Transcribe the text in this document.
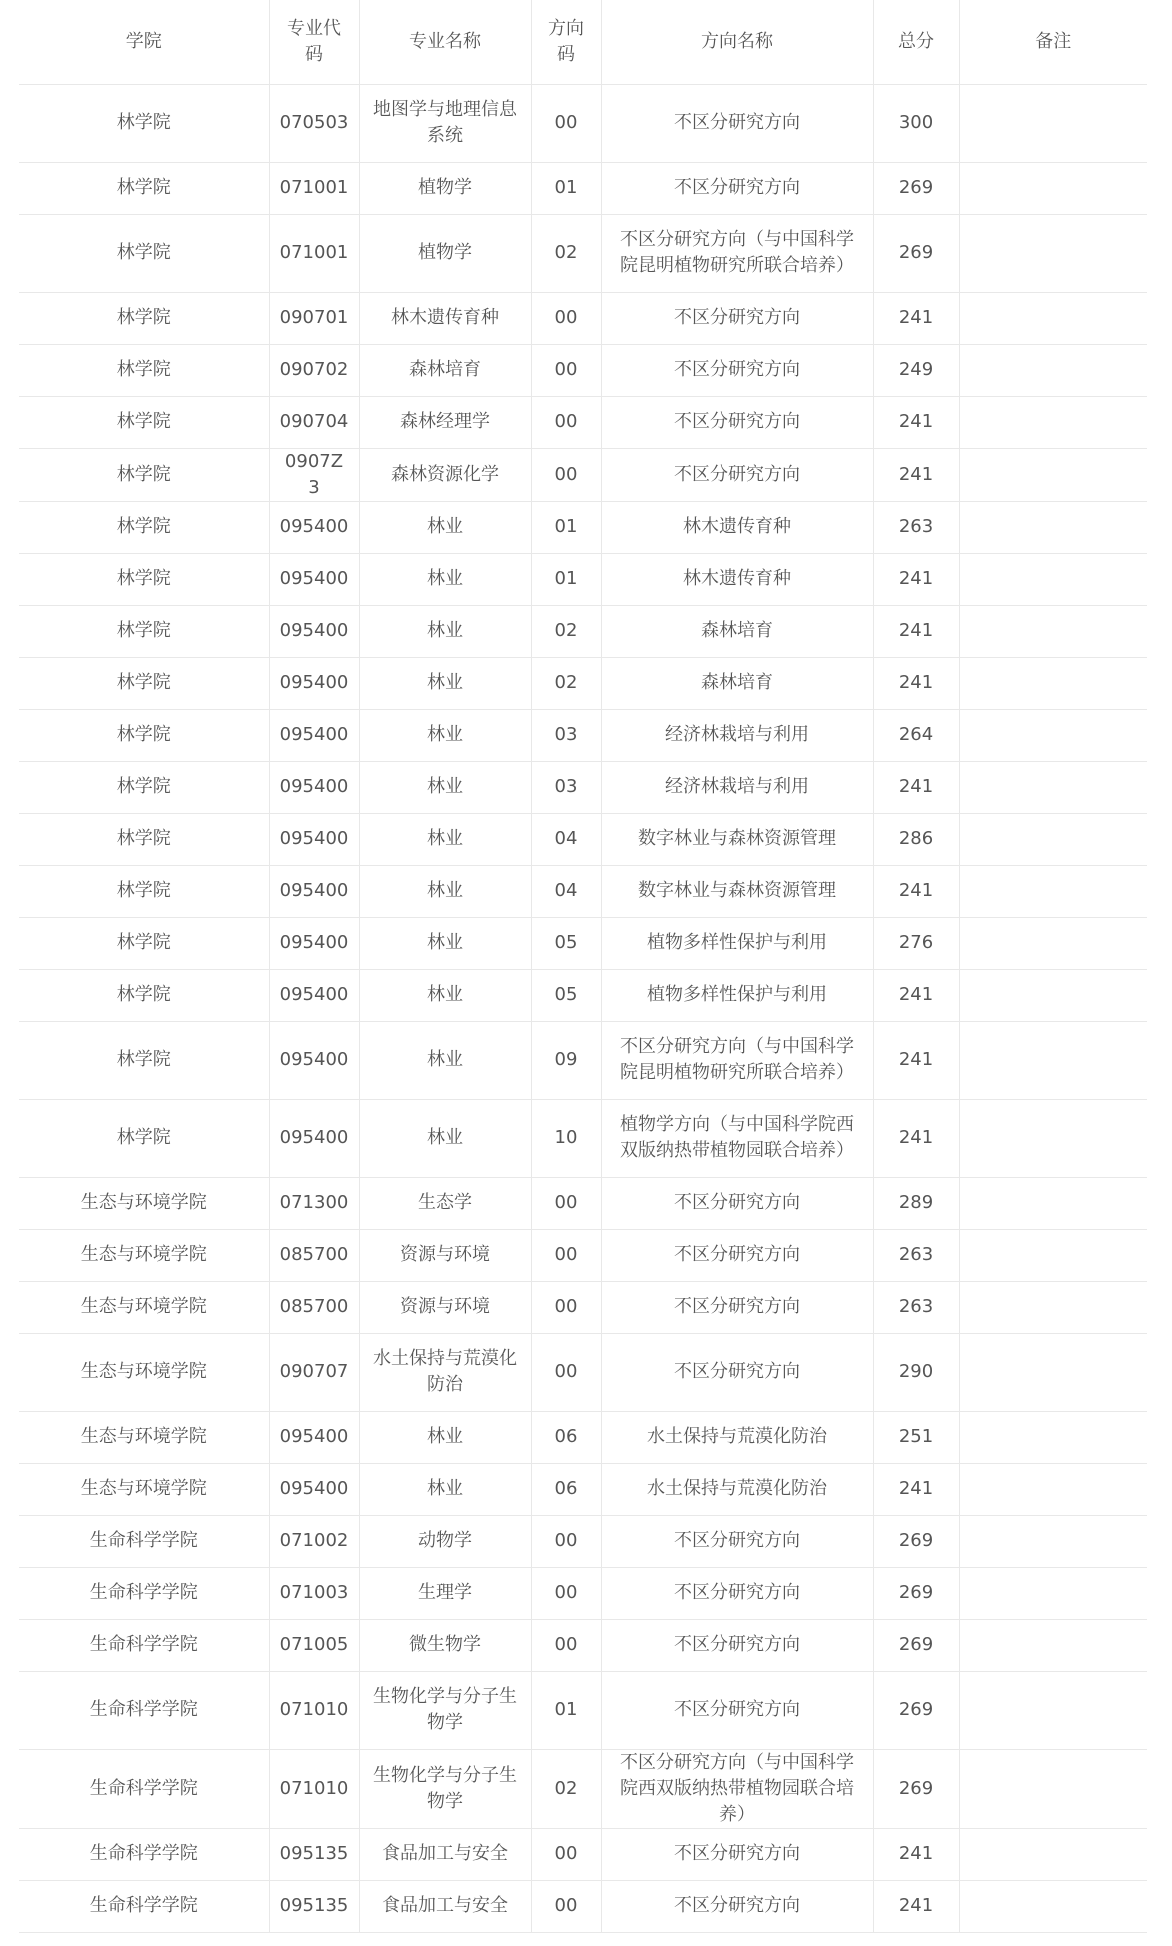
学院	专业代码	专业名称	方向码	方向名称	总分	备注
林学院	070503	地图学与地理信息系统	00	不区分研究方向	300	
林学院	071001	植物学	01	不区分研究方向	269	
林学院	071001	植物学	02	不区分研究方向（与中国科学院昆明植物研究所联合培养）	269	
林学院	090701	林木遗传育种	00	不区分研究方向	241	
林学院	090702	森林培育	00	不区分研究方向	249	
林学院	090704	森林经理学	00	不区分研究方向	241	
林学院	0907Z3	森林资源化学	00	不区分研究方向	241	
林学院	095400	林业	01	林木遗传育种	263	
林学院	095400	林业	01	林木遗传育种	241	
林学院	095400	林业	02	森林培育	241	
林学院	095400	林业	02	森林培育	241	
林学院	095400	林业	03	经济林栽培与利用	264	
林学院	095400	林业	03	经济林栽培与利用	241	
林学院	095400	林业	04	数字林业与森林资源管理	286	
林学院	095400	林业	04	数字林业与森林资源管理	241	
林学院	095400	林业	05	植物多样性保护与利用	276	
林学院	095400	林业	05	植物多样性保护与利用	241	
林学院	095400	林业	09	不区分研究方向（与中国科学院昆明植物研究所联合培养）	241	
林学院	095400	林业	10	植物学方向（与中国科学院西双版纳热带植物园联合培养）	241	
生态与环境学院	071300	生态学	00	不区分研究方向	289	
生态与环境学院	085700	资源与环境	00	不区分研究方向	263	
生态与环境学院	085700	资源与环境	00	不区分研究方向	263	
生态与环境学院	090707	水土保持与荒漠化防治	00	不区分研究方向	290	
生态与环境学院	095400	林业	06	水土保持与荒漠化防治	251	
生态与环境学院	095400	林业	06	水土保持与荒漠化防治	241	
生命科学学院	071002	动物学	00	不区分研究方向	269	
生命科学学院	071003	生理学	00	不区分研究方向	269	
生命科学学院	071005	微生物学	00	不区分研究方向	269	
生命科学学院	071010	生物化学与分子生物学	01	不区分研究方向	269	
生命科学学院	071010	生物化学与分子生物学	02	不区分研究方向（与中国科学院西双版纳热带植物园联合培养）	269	
生命科学学院	095135	食品加工与安全	00	不区分研究方向	241	
生命科学学院	095135	食品加工与安全	00	不区分研究方向	241	
